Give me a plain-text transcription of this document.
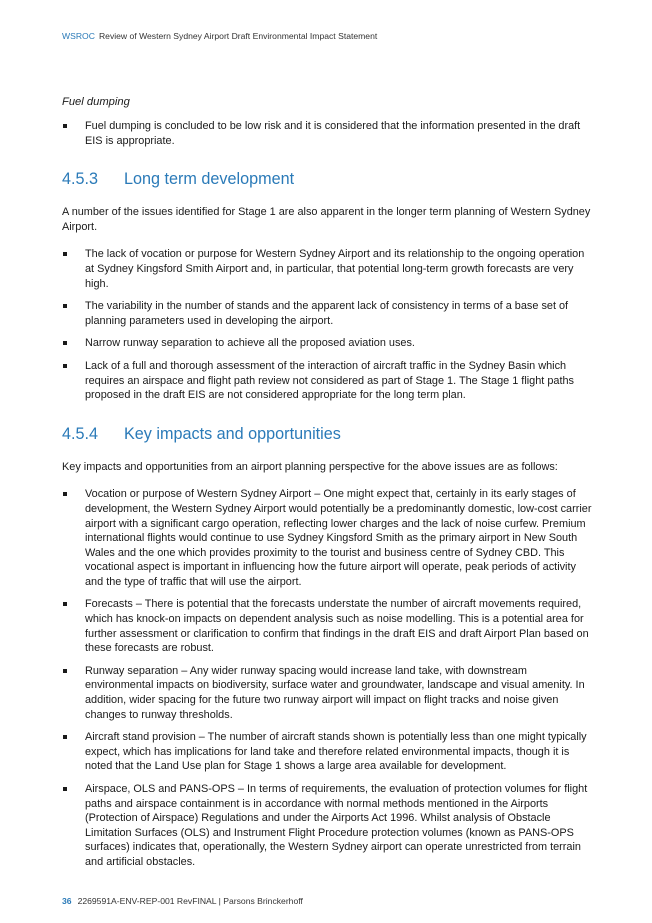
WSROC Review of Western Sydney Airport Draft Environmental Impact Statement
Fuel dumping
Fuel dumping is concluded to be low risk and it is considered that the information presented in the draft EIS is appropriate.
4.5.3 Long term development

A number of the issues identified for Stage 1 are also apparent in the longer term planning of Western Sydney Airport.

The lack of vocation or purpose for Western Sydney Airport and its relationship to the ongoing operation at Sydney Kingsford Smith Airport and, in particular, that potential long-term growth forecasts are very high.
The variability in the number of stands and the apparent lack of consistency in terms of a base set of planning parameters used in developing the airport.
Narrow runway separation to achieve all the proposed aviation uses.
Lack of a full and thorough assessment of the interaction of aircraft traffic in the Sydney Basin which requires an airspace and flight path review not considered as part of Stage 1. The Stage 1 flight paths proposed in the draft EIS are not considered appropriate for the long term plan.
4.5.4 Key impacts and opportunities

Key impacts and opportunities from an airport planning perspective for the above issues are as follows:

Vocation or purpose of Western Sydney Airport – One might expect that, certainly in its early stages of development, the Western Sydney Airport would potentially be a predominantly domestic, low-cost carrier airport with a significant cargo operation, reflecting lower charges and the lack of noise curfew. Premium international flights would continue to use Sydney Kingsford Smith as the primary airport in New South Wales and the one which provides proximity to the tourist and business centre of Sydney CBD. This vocational aspect is important in influencing how the future airport will operate, peak periods of activity and the type of traffic that will use the airport.
Forecasts – There is potential that the forecasts understate the number of aircraft movements required, which has knock-on impacts on dependent analysis such as noise modelling. This is a potential area for further assessment or clarification to confirm that findings in the draft EIS and draft Airport Plan based on these forecasts are robust.
Runway separation – Any wider runway spacing would increase land take, with downstream environmental impacts on biodiversity, surface water and groundwater, landscape and visual amenity. In addition, wider spacing for the future two runway airport will impact on flight tracks and noise given changes to runway thresholds.
Aircraft stand provision – The number of aircraft stands shown is potentially less than one might typically expect, which has implications for land take and therefore related environmental impacts, though it is noted that the Land Use plan for Stage 1 shows a large area available for development.
Airspace, OLS and PANS-OPS – In terms of requirements, the evaluation of protection volumes for flight paths and airspace containment is in accordance with normal methods mentioned in the Airports (Protection of Airspace) Regulations and under the Airports Act 1996. Whilst analysis of Obstacle Limitation Surfaces (OLS) and Instrument Flight Procedure protection volumes (known as PANS-OPS surfaces) indicates that, operationally, the Western Sydney airport can operate unrestricted from terrain and artificial obstacles.
36 2269591A-ENV-REP-001 RevFINAL | Parsons Brinckerhoff
